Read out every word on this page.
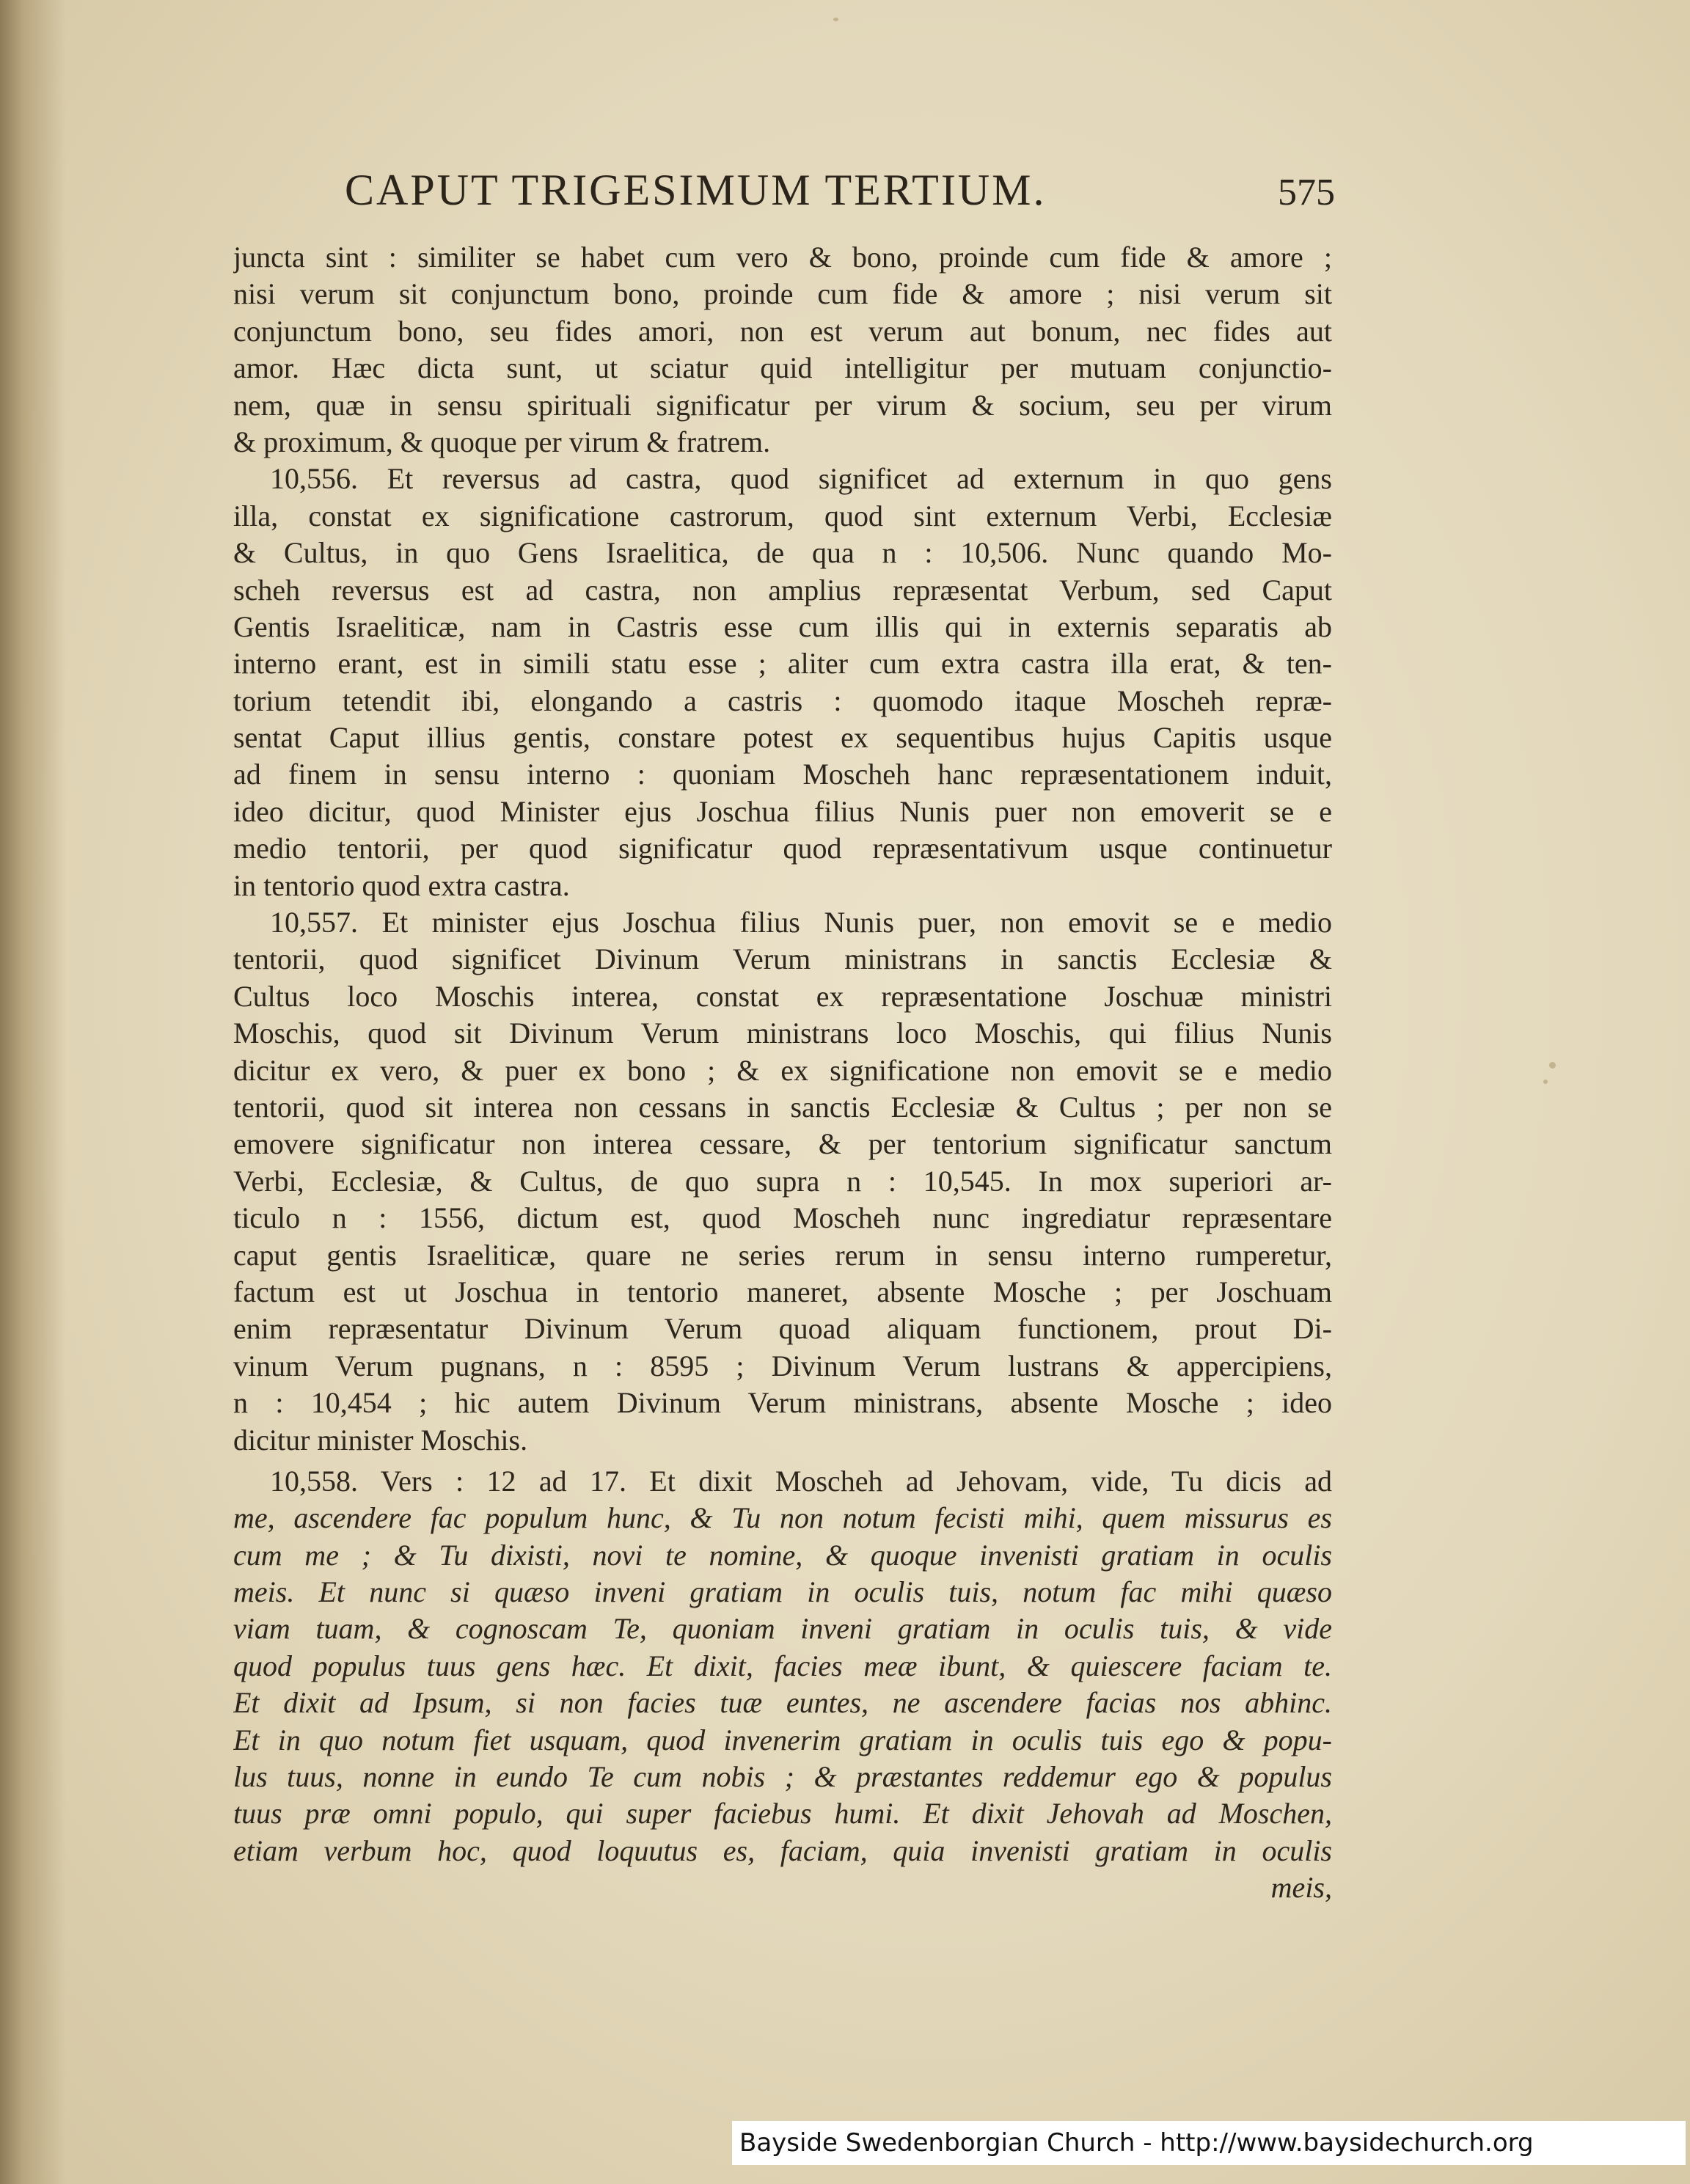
CAPUT TRIGESIMUM TERTIUM.	575
juncta sint : similiter se habet cum vero & bono, proinde cum fide & amore ;
nisi verum sit conjunctum bono, proinde cum fide & amore ; nisi verum sit
conjunctum bono, seu fides amori, non est verum aut bonum, nec fides aut
amor. Hæc dicta sunt, ut sciatur quid intelligitur per mutuam conjunctio-
nem, quæ in sensu spirituali significatur per virum & socium, seu per virum
& proximum, & quoque per virum & fratrem.
10,556. Et reversus ad castra, quod significet ad externum in quo gens
illa, constat ex significatione castrorum, quod sint externum Verbi, Ecclesiæ
& Cultus, in quo Gens Israelitica, de qua n : 10,506. Nunc quando Mo-
scheh reversus est ad castra, non amplius repræsentat Verbum, sed Caput
Gentis Israeliticæ, nam in Castris esse cum illis qui in externis separatis ab
interno erant, est in simili statu esse ; aliter cum extra castra illa erat, & ten-
torium tetendit ibi, elongando a castris : quomodo itaque Moscheh repræ-
sentat Caput illius gentis, constare potest ex sequentibus hujus Capitis usque
ad finem in sensu interno : quoniam Moscheh hanc repræsentationem induit,
ideo dicitur, quod Minister ejus Joschua filius Nunis puer non emoverit se e
medio tentorii, per quod significatur quod repræsentativum usque continuetur
in tentorio quod extra castra.
10,557. Et minister ejus Joschua filius Nunis puer, non emovit se e medio
tentorii, quod significet Divinum Verum ministrans in sanctis Ecclesiæ &
Cultus loco Moschis interea, constat ex repræsentatione Joschuæ ministri
Moschis, quod sit Divinum Verum ministrans loco Moschis, qui filius Nunis
dicitur ex vero, & puer ex bono ; & ex significatione non emovit se e medio
tentorii, quod sit interea non cessans in sanctis Ecclesiæ & Cultus ; per non se
emovere significatur non interea cessare, & per tentorium significatur sanctum
Verbi, Ecclesiæ, & Cultus, de quo supra n : 10,545. In mox superiori ar-
ticulo n : 1556, dictum est, quod Moscheh nunc ingrediatur repræsentare
caput gentis Israeliticæ, quare ne series rerum in sensu interno rumperetur,
factum est ut Joschua in tentorio maneret, absente Mosche ; per Joschuam
enim repræsentatur Divinum Verum quoad aliquam functionem, prout Di-
vinum Verum pugnans, n : 8595 ; Divinum Verum lustrans & appercipiens,
n : 10,454 ; hic autem Divinum Verum ministrans, absente Mosche ; ideo
dicitur minister Moschis.
10,558. Vers : 12 ad 17. Et dixit Moscheh ad Jehovam, vide, Tu dicis ad
me, ascendere fac populum hunc, & Tu non notum fecisti mihi, quem missurus es
cum me ; & Tu dixisti, novi te nomine, & quoque invenisti gratiam in oculis
meis. Et nunc si quæso inveni gratiam in oculis tuis, notum fac mihi quæso
viam tuam, & cognoscam Te, quoniam inveni gratiam in oculis tuis, & vide
quod populus tuus gens hæc. Et dixit, facies meæ ibunt, & quiescere faciam te.
Et dixit ad Ipsum, si non facies tuæ euntes, ne ascendere facias nos abhinc.
Et in quo notum fiet usquam, quod invenerim gratiam in oculis tuis ego & popu-
lus tuus, nonne in eundo Te cum nobis ; & præstantes reddemur ego & populus
tuus præ omni populo, qui super faciebus humi. Et dixit Jehovah ad Moschen,
etiam verbum hoc, quod loquutus es, faciam, quia invenisti gratiam in oculis
meis,
Bayside Swedenborgian Church - http://www.baysidechurch.org
